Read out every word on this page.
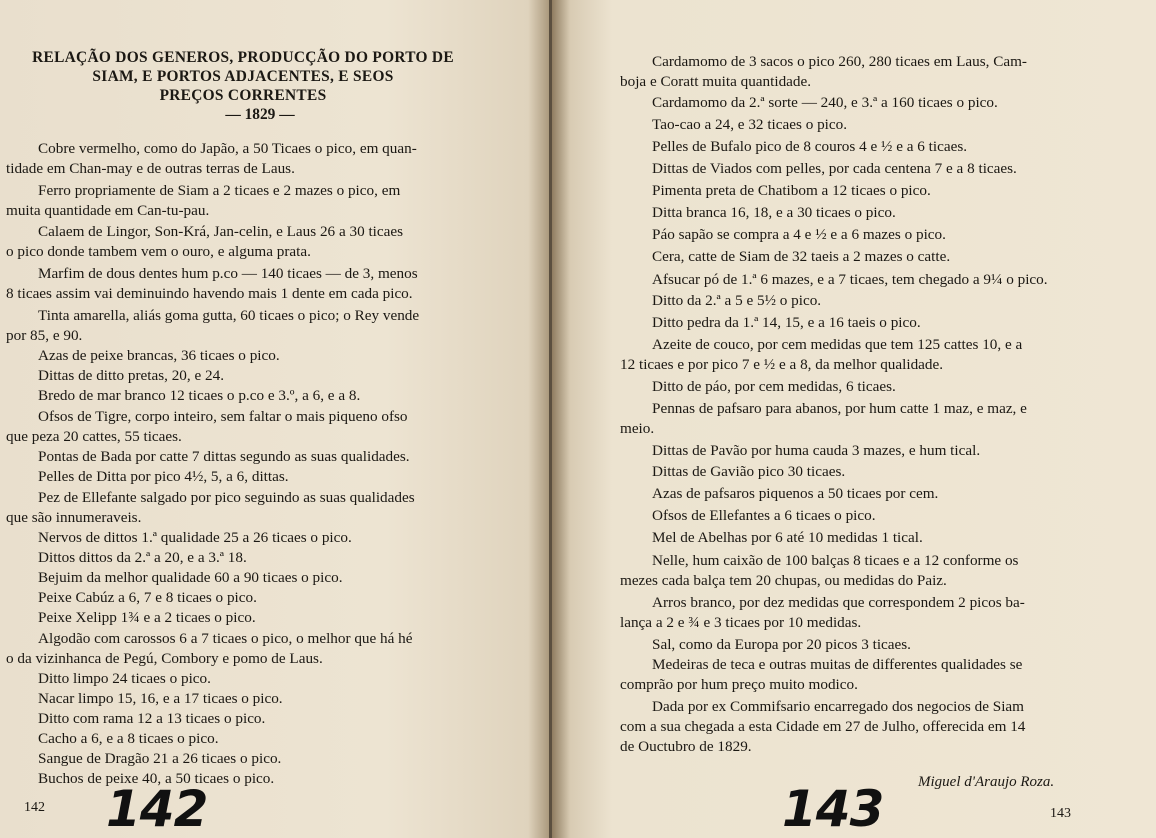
RELAÇÃO DOS GENEROS, PRODUCÇÃO DO PORTO DE
SIAM, E PORTOS ADJACENTES, E SEOS
PREÇOS CORRENTES
— 1829 —
Cobre vermelho, como do Japão, a 50 Ticaes o pico, em quan-
tidade em Chan-may e de outras terras de Laus.
Ferro propriamente de Siam a 2 ticaes e 2 mazes o pico, em
muita quantidade em Can-tu-pau.
Calaem de Lingor, Son-Krá, Jan-celin, e Laus 26 a 30 ticaes
o pico donde tambem vem o ouro, e alguma prata.
Marfim de dous dentes hum p.co — 140 ticaes — de 3, menos
8 ticaes assim vai deminuindo havendo mais 1 dente em cada pico.
Tinta amarella, aliás goma gutta, 60 ticaes o pico; o Rey vende
por 85, e 90.
Azas de peixe brancas, 36 ticaes o pico.
Dittas de ditto pretas, 20, e 24.
Bredo de mar branco 12 ticaes o p.co e 3.º, a 6, e a 8.
Ofsos de Tigre, corpo inteiro, sem faltar o mais piqueno ofso
que peza 20 cattes, 55 ticaes.
Pontas de Bada por catte 7 dittas segundo as suas qualidades.
Pelles de Ditta por pico 4½, 5, a 6, dittas.
Pez de Ellefante salgado por pico seguindo as suas qualidades
que são innumeraveis.
Nervos de dittos 1.ª qualidade 25 a 26 ticaes o pico.
Dittos dittos da 2.ª a 20, e a 3.ª 18.
Bejuim da melhor qualidade 60 a 90 ticaes o pico.
Peixe Cabúz a 6, 7 e 8 ticaes o pico.
Peixe Xelipp 1¾ e a 2 ticaes o pico.
Algodão com carossos 6 a 7 ticaes o pico, o melhor que há hé
o da vizinhanca de Pegú, Combory e pomo de Laus.
Ditto limpo 24 ticaes o pico.
Nacar limpo 15, 16, e a 17 ticaes o pico.
Ditto com rama 12 a 13 ticaes o pico.
Cacho a 6, e a 8 ticaes o pico.
Sangue de Dragão 21 a 26 ticaes o pico.
Buchos de peixe 40, a 50 ticaes o pico.
142 142
Cardamomo de 3 sacos o pico 260, 280 ticaes em Laus, Cam-
boja e Coratt muita quantidade.
Cardamomo da 2.ª sorte — 240, e 3.ª a 160 ticaes o pico.
Tao-cao a 24, e 32 ticaes o pico.
Pelles de Bufalo pico de 8 couros 4 e ½ e a 6 ticaes.
Dittas de Viados com pelles, por cada centena 7 e a 8 ticaes.
Pimenta preta de Chatibom a 12 ticaes o pico.
Ditta branca 16, 18, e a 30 ticaes o pico.
Páo sapão se compra a 4 e ½ e a 6 mazes o pico.
Cera, catte de Siam de 32 taeis a 2 mazes o catte.
Afsucar pó de 1.ª 6 mazes, e a 7 ticaes, tem chegado a 9¼ o pico.
Ditto da 2.ª a 5 e 5½ o pico.
Ditto pedra da 1.ª 14, 15, e a 16 taeis o pico.
Azeite de couco, por cem medidas que tem 125 cattes 10, e a
12 ticaes e por pico 7 e ½ e a 8, da melhor qualidade.
Ditto de páo, por cem medidas, 6 ticaes.
Pennas de pafsaro para abanos, por hum catte 1 maz, e maz, e
meio.
Dittas de Pavão por huma cauda 3 mazes, e hum tical.
Dittas de Gavião pico 30 ticaes.
Azas de pafsaros piquenos a 50 ticaes por cem.
Ofsos de Ellefantes a 6 ticaes o pico.
Mel de Abelhas por 6 até 10 medidas 1 tical.
Nelle, hum caixão de 100 balças 8 ticaes e a 12 conforme os
mezes cada balça tem 20 chupas, ou medidas do Paiz.
Arros branco, por dez medidas que correspondem 2 picos ba-
lança a 2 e ¾ e 3 ticaes por 10 medidas.
Sal, como da Europa por 20 picos 3 ticaes.
Medeiras de teca e outras muitas de differentes qualidades se
comprão por hum preço muito modico.
Dada por ex Commifsario encarregado dos negocios de Siam
com a sua chegada a esta Cidade em 27 de Julho, offerecida em 14
de Ouctubro de 1829.
Miguel d'Araujo Roza.
143	143
